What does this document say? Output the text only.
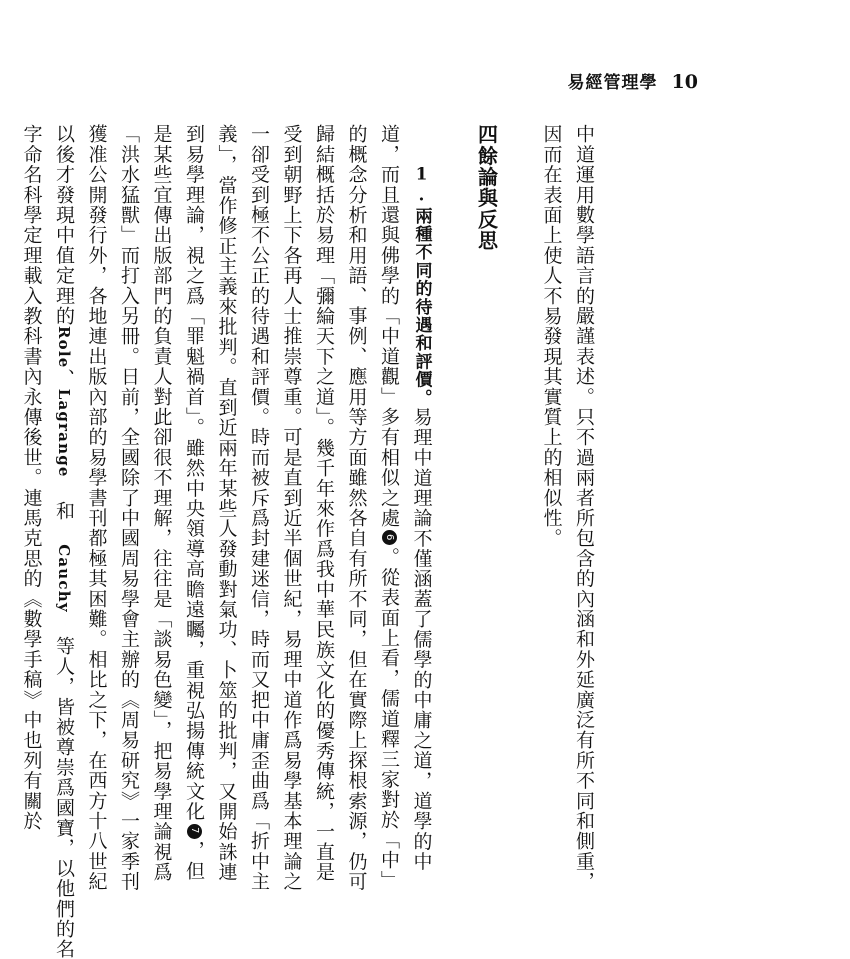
易經管理學 10
中道運用數學語言的嚴謹表述。只不過兩者所包含的內涵和外延廣泛有所不同和側重，
因而在表面上使人不易發現其實質上的相似性。

四餘論與反思

　　1.兩種不同的待遇和評價。易理中道理論不僅涵蓋了儒學的中庸之道，道學的中
道，而且還與佛學的「中道觀」多有相似之處6。從表面上看，儒道釋三家對於「中」
的概念分析和用語、事例、應用等方面雖然各自有所不同，但在實際上探根索源，仍可
歸結概括於易理「彌綸天下之道」。幾千年來作爲我中華民族文化的優秀傳統，一直是
受到朝野上下各再人士推崇尊重。可是直到近半個世紀，易理中道作爲易學基本理論之
一卻受到極不公正的待遇和評價。時而被斥爲封建迷信，時而又把中庸歪曲爲「折中主
義」，當作修正主義來批判。直到近兩年某些人發動對氣功、卜筮的批判，又開始誅連
到易學理論，視之爲「罪魁禍首」。雖然中央領導高瞻遠矚，重視弘揚傳統文化7，但
是某些宜傳出版部門的負責人對此卻很不理解，往往是「談易色變」，把易學理論視爲
「洪水猛獸」而打入另冊。日前，全國除了中國周易學會主辦的《周易研究》一家季刊
獲准公開發行外，各地連出版內部的易學書刊都極其困難。相比之下，在西方十八世紀
以後才發現中值定理的Role、Lagrange 和 Cauchy 等人，皆被尊崇爲國寶，以他們的名
字命名科學定理載入教科書內永傳後世。連馬克思的《數學手稿》中也列有關於
